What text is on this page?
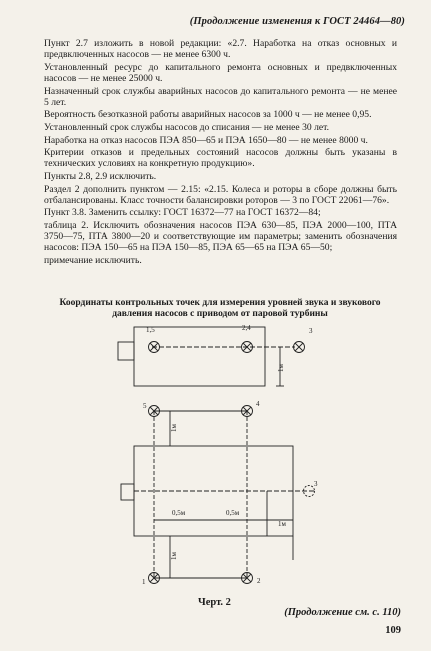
(Продолжение изменения к ГОСТ 24464—80)

Пункт 2.7 изложить в новой редакции: «2.7. Наработка на отказ основных и предвключенных насосов — не менее 6300 ч.

Установленный ресурс до капитального ремонта основных и предвключенных насосов — не менее 25000 ч.

Назначенный срок службы аварийных насосов до капитального ремонта — не менее 5 лет.

Вероятность безотказной работы аварийных насосов за 1000 ч — не менее 0,95.

Установленный срок службы насосов до списания — не менее 30 лет.

Наработка на отказ насосов ПЭА 850—65 и ПЭА 1650—80 — не менее 8000 ч.

Критерии отказов и предельных состояний насосов должны быть указаны в технических условиях на конкретную продукцию».

Пункты 2.8, 2.9 исключить.

Раздел 2 дополнить пунктом — 2.15: «2.15. Колеса и роторы в сборе должны быть отбалансированы. Класс точности балансировки роторов — 3 по ГОСТ 22061—76».

Пункт 3.8. Заменить ссылку: ГОСТ 16372—77 на ГОСТ 16372—84;

таблица 2. Исключить обозначения насосов ПЭА 630—85, ПЭА 2000—100, ПТА 3750—75, ПТА 3800—20 и соответствующие им параметры; заменить обозначения насосов: ПЭА 150—65 на ПЭА 150—85, ПЭА 65—65 на ПЭА 65—50;

примечание исключить.

Координаты контрольных точек для измерения уровней звука и звукового давления насосов с приводом от паровой турбины
1,5	2,4	3
1м
5	4
3
1	2
1м
0,5м	0,5м
1м
1м
Черт. 2
(Продолжение см. с. 110)
109
